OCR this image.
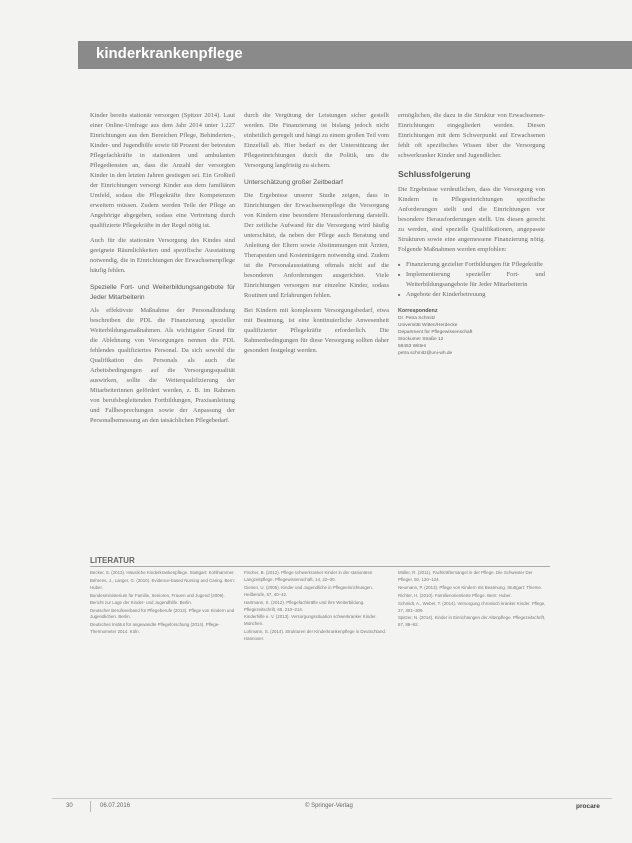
kinderkrankenpflege

Kinder bereits stationär versorgen (Spitzer 2014). Laut einer Online-Umfrage aus dem Jahr 2014 unter 1.227 Einrichtungen aus den Bereichen Pflege, Behinderten-, Kinder- und Jugendhilfe sowie 68 Prozent der betreuten Pflegefachkräfte in stationären und ambulanten Pflegediensten an, dass die Anzahl der versorgten Kinder in den letzten Jahren gestiegen sei. Ein Großteil der Einrichtungen versorgt Kinder aus dem familiären Umfeld, sodass die Pflegekräfte ihre Kompetenzen erweitern müssen. Zudem werden Teile der Pflege an Angehörige abgegeben, sodass eine Vertretung durch qualifizierte Pflegekräfte in der Regel nötig ist.

Auch für die stationäre Versorgung des Kindes sind geeignete Räumlichkeiten und spezifische Ausstattung notwendig, die in Einrichtungen der Erwachsenenpflege häufig fehlen.

Spezielle Fort- und Weiterbildungsangebote für Jeder Mitarbeiterin

Als effektivste Maßnahme der Personalbindung beschreiben die PDL die Finanzierung spezieller Weiterbildungsmaßnahmen. Als wichtigster Grund für die Ablehnung von Versorgungen nennen die PDL fehlendes qualifiziertes Personal. Da sich sowohl die Qualifikation des Personals als auch die Arbeitsbedingungen auf die Versorgungsqualität auswirken, sollte die Weiterqualifizierung der Mitarbeiterinnen gefördert werden, z. B. im Rahmen von berufsbegleitenden Fortbildungen, Praxisanleitung und Fallbesprechungen sowie der Anpassung der Personalbemessung an den tatsächlichen Pflegebedarf.

durch die Vergütung der Leistungen sicher gestellt werden. Die Finanzierung ist bislang jedoch nicht einheitlich geregelt und hängt zu einem großen Teil vom Einzelfall ab. Hier bedarf es der Unterstützung der Pflegeeinrichtungen durch die Politik, um die Versorgung langfristig zu sichern.

Unterschätzung großer Zeitbedarf

Die Ergebnisse unserer Studie zeigen, dass in Einrichtungen der Erwachsenenpflege die Versorgung von Kindern eine besondere Herausforderung darstellt. Der zeitliche Aufwand für die Versorgung wird häufig unterschätzt, da neben der Pflege auch Beratung und Anleitung der Eltern sowie Abstimmungen mit Ärzten, Therapeuten und Kostenträgern notwendig sind. Zudem ist die Personalausstattung oftmals nicht auf die besonderen Anforderungen ausgerichtet. Viele Einrichtungen versorgen nur einzelne Kinder, sodass Routinen und Erfahrungen fehlen.

Bei Kindern mit komplexem Versorgungsbedarf, etwa mit Beatmung, ist eine kontinuierliche Anwesenheit qualifizierter Pflegekräfte erforderlich. Die Rahmenbedingungen für diese Versorgung sollten daher gesondert festgelegt werden.

ermöglichen, die dazu in die Struktur von Erwachsenen-Einrichtungen eingegliedert werden. Diesen Einrichtungen mit dem Schwerpunkt auf Erwachsenen fehlt oft spezifisches Wissen über die Versorgung schwerkranker Kinder und Jugendlicher.

Schlussfolgerung

Die Ergebnisse verdeutlichen, dass die Versorgung von Kindern in Pflegeeinrichtungen spezifische Anforderungen stellt und die Einrichtungen vor besondere Herausforderungen stellt. Um diesen gerecht zu werden, sind spezielle Qualifikationen, angepasste Strukturen sowie eine angemessene Finanzierung nötig. Folgende Maßnahmen werden empfohlen:

■ Finanzierung gezielter Fortbildungen für Pflegekräfte
■ Implementierung spezieller Fort- und Weiterbildungsangebote für Jeder Mitarbeiterin
■ Angebote der Kinderbetreuung
Korrespondenz
Dr. Petra Schmitz
Universität Witten/Herdecke
Department für Pflegewissenschaft
Stockumer Straße 12
58453 Witten
petra.schmitz@uni-wh.de
LITERATUR
Becker, S. (2013). Häusliche Kinderkrankenpflege. Stuttgart: Kohlhammer.
Behrens, J., Langer, G. (2010). Evidence-based Nursing and Caring. Bern: Huber.
Bundesministerium für Familie, Senioren, Frauen und Jugend (2009). Bericht zur Lage der Kinder- und Jugendhilfe. Berlin.
Deutscher Berufsverband für Pflegeberufe (2013). Pflege von Kindern und Jugendlichen. Berlin.
Deutsches Institut für angewandte Pflegeforschung (2014). Pflege-Thermometer 2014. Köln.
Fischer, B. (2012). Pflege schwerkranker Kinder in der stationären Langzeitpflege. Pflegewissenschaft, 14, 22–30.
Giesen, U. (2005). Kinder und Jugendliche in Pflegeeinrichtungen. Heilberufe, 57, 40–42.
Hartmann, K. (2012). Pflegefachkräfte und ihre Weiterbildung. Pflegezeitschrift, 65, 210–214.
Kinderhilfe e. V. (2013). Versorgungssituation schwerkranker Kinder. München.
Lohmann, S. (2014). Strukturen der Kinderkrankenpflege in Deutschland. Hannover.
Müller, R. (2011). Fachkräftemangel in der Pflege. Die Schwester Der Pfleger, 50, 120–124.
Neumann, P. (2013). Pflege von Kindern mit Beatmung. Stuttgart: Thieme.
Richter, H. (2010). Familienorientierte Pflege. Bern: Huber.
Schmidt, A., Weber, T. (2014). Versorgung chronisch kranker Kinder. Pflege, 27, 301–309.
Spitzer, N. (2014). Kinder in Einrichtungen der Altenpflege. Pflegezeitschrift, 67, 88–92.
30	06.07.2016	© Springer-Verlag	procare
